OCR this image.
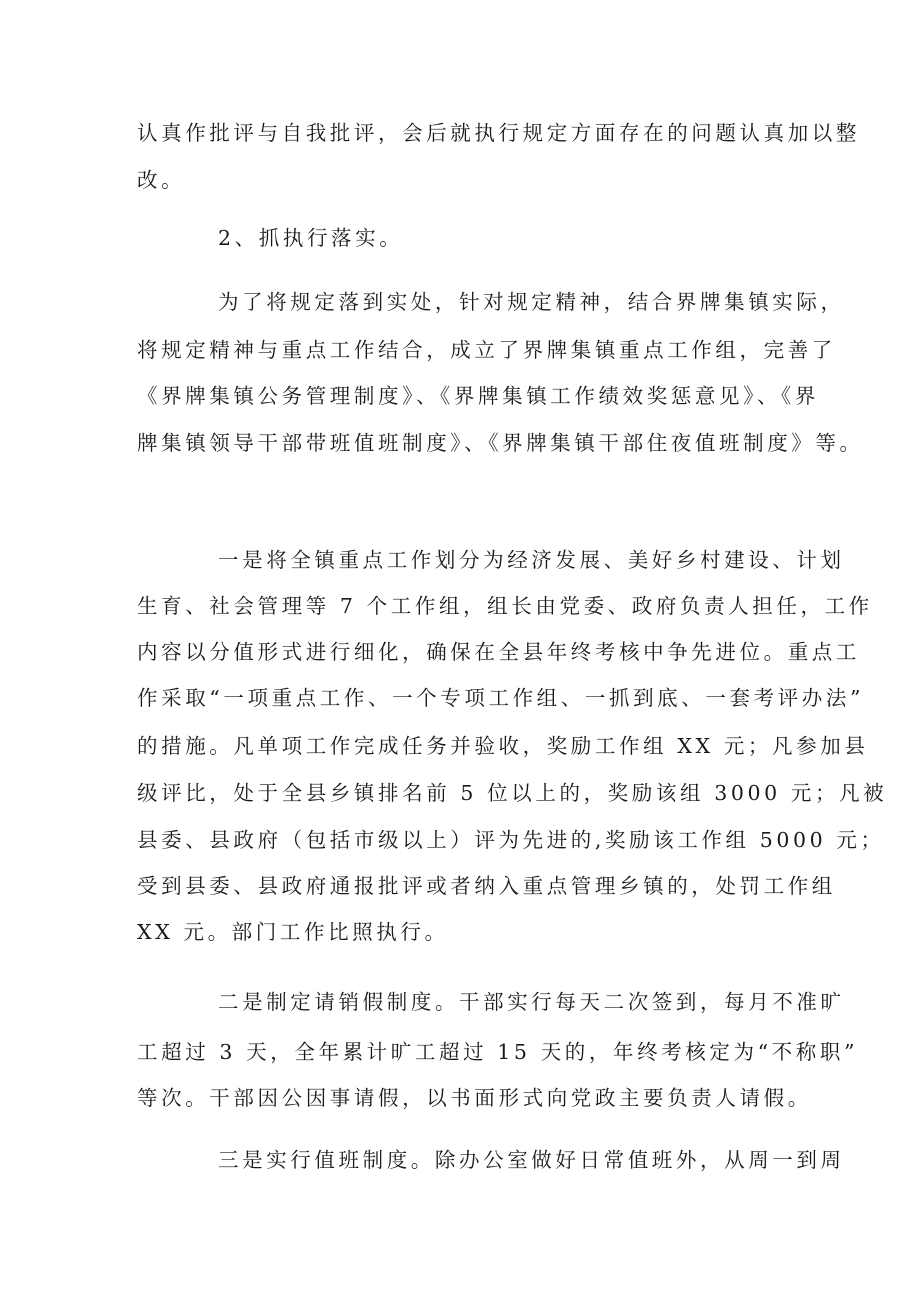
认真作批评与自我批评，会后就执行规定方面存在的问题认真加以整
改。
2、抓执行落实。
为了将规定落到实处，针对规定精神，结合界牌集镇实际，
将规定精神与重点工作结合，成立了界牌集镇重点工作组，完善了
《界牌集镇公务管理制度》、《界牌集镇工作绩效奖惩意见》、《界
牌集镇领导干部带班值班制度》、《界牌集镇干部住夜值班制度》等。
一是将全镇重点工作划分为经济发展、美好乡村建设、计划
生育、社会管理等 7 个工作组，组长由党委、政府负责人担任，工作
内容以分值形式进行细化，确保在全县年终考核中争先进位。重点工
作采取“一项重点工作、一个专项工作组、一抓到底、一套考评办法”
的措施。凡单项工作完成任务并验收，奖励工作组 XX 元；凡参加县
级评比，处于全县乡镇排名前 5 位以上的，奖励该组 3000 元；凡被
县委、县政府（包括市级以上）评为先进的,奖励该工作组 5000 元；
受到县委、县政府通报批评或者纳入重点管理乡镇的，处罚工作组
XX 元。部门工作比照执行。
二是制定请销假制度。干部实行每天二次签到，每月不准旷
工超过 3 天，全年累计旷工超过 15 天的，年终考核定为“不称职”
等次。干部因公因事请假，以书面形式向党政主要负责人请假。
三是实行值班制度。除办公室做好日常值班外，从周一到周
